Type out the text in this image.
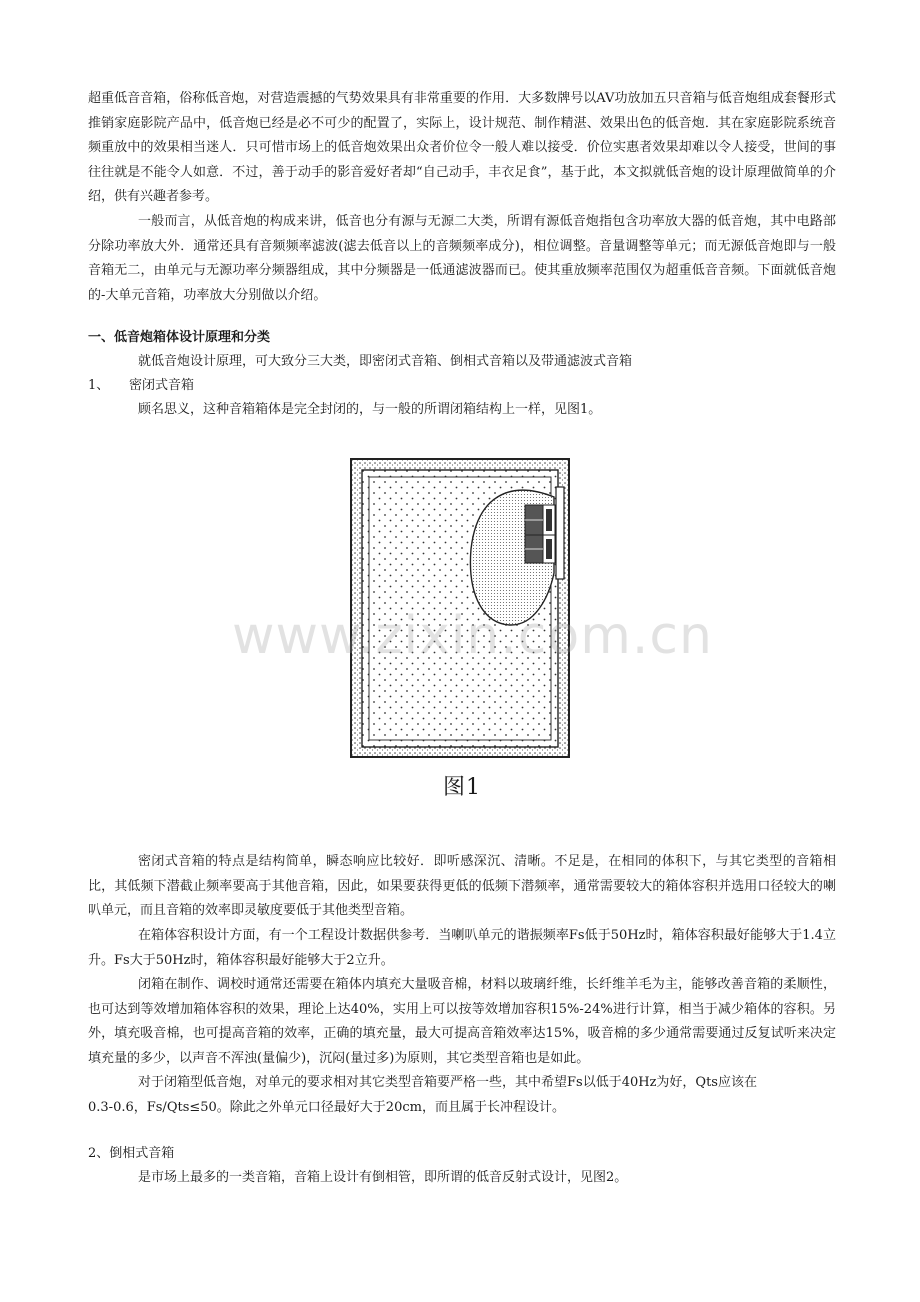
超重低音音箱，俗称低音炮，对营造震撼的气势效果具有非常重要的作用．大多数牌号以AV功放加五只音箱与低音炮组成套餐形式推销家庭影院产品中，低音炮已经是必不可少的配置了，实际上，设计规范、制作精湛、效果出色的低音炮．其在家庭影院系统音频重放中的效果相当迷人．只可惜市场上的低音炮效果出众者价位令一般人难以接受．价位实惠者效果却难以令人接受，世间的事往往就是不能令人如意．不过，善于动手的影音爱好者却“自己动手，丰衣足食”，基于此，本文拟就低音炮的设计原理做简单的介绍，供有兴趣者参考。
一般而言，从低音炮的构成来讲，低音也分有源与无源二大类，所谓有源低音炮指包含功率放大器的低音炮，其中电路部分除功率放大外．通常还具有音频频率滤波(滤去低音以上的音频频率成分)，相位调整。音量调整等单元；而无源低音炮即与一般音箱无二，由单元与无源功率分频器组成，其中分频器是一低通滤波器而已。使其重放频率范围仅为超重低音音频。下面就低音炮的-大单元音箱，功率放大分别做以介绍。
一、低音炮箱体设计原理和分类
就低音炮设计原理，可大致分三大类，即密闭式音箱、倒相式音箱以及带通滤波式音箱
1、 密闭式音箱
顾名思义，这种音箱箱体是完全封闭的，与一般的所谓闭箱结构上一样，见图1。
图1
www.zixin.com.cn
密闭式音箱的特点是结构简单，瞬态响应比较好．即听感深沉、清晰。不足是，在相同的体积下，与其它类型的音箱相比，其低频下潜截止频率要高于其他音箱，因此，如果要获得更低的低频下潜频率，通常需要较大的箱体容积并选用口径较大的喇叭单元，而且音箱的效率即灵敏度要低于其他类型音箱。
在箱体容积设计方面，有一个工程设计数据供参考．当喇叭单元的谐振频率Fs低于50Hz时，箱体容积最好能够大于1.4立升。Fs大于50Hz时，箱体容积最好能够大于2立升。
闭箱在制作、调校时通常还需要在箱体内填充大量吸音棉，材料以玻璃纤维，长纤维羊毛为主，能够改善音箱的柔顺性，也可达到等效增加箱体容积的效果，理论上达40%，实用上可以按等效增加容积15%-24%进行计算，相当于减少箱体的容积。另外，填充吸音棉，也可提高音箱的效率，正确的填充量，最大可提高音箱效率达15%，吸音棉的多少通常需要通过反复试听来决定填充量的多少，以声音不浑浊(量偏少)，沉闷(量过多)为原则，其它类型音箱也是如此。
对于闭箱型低音炮，对单元的要求相对其它类型音箱要严格一些，其中希望Fs以低于40Hz为好，Qts应该在
0.3-0.6，Fs/Qts≤50。除此之外单元口径最好大于20cm，而且属于长冲程设计。
2、倒相式音箱
是市场上最多的一类音箱，音箱上设计有倒相管，即所谓的低音反射式设计，见图2。
